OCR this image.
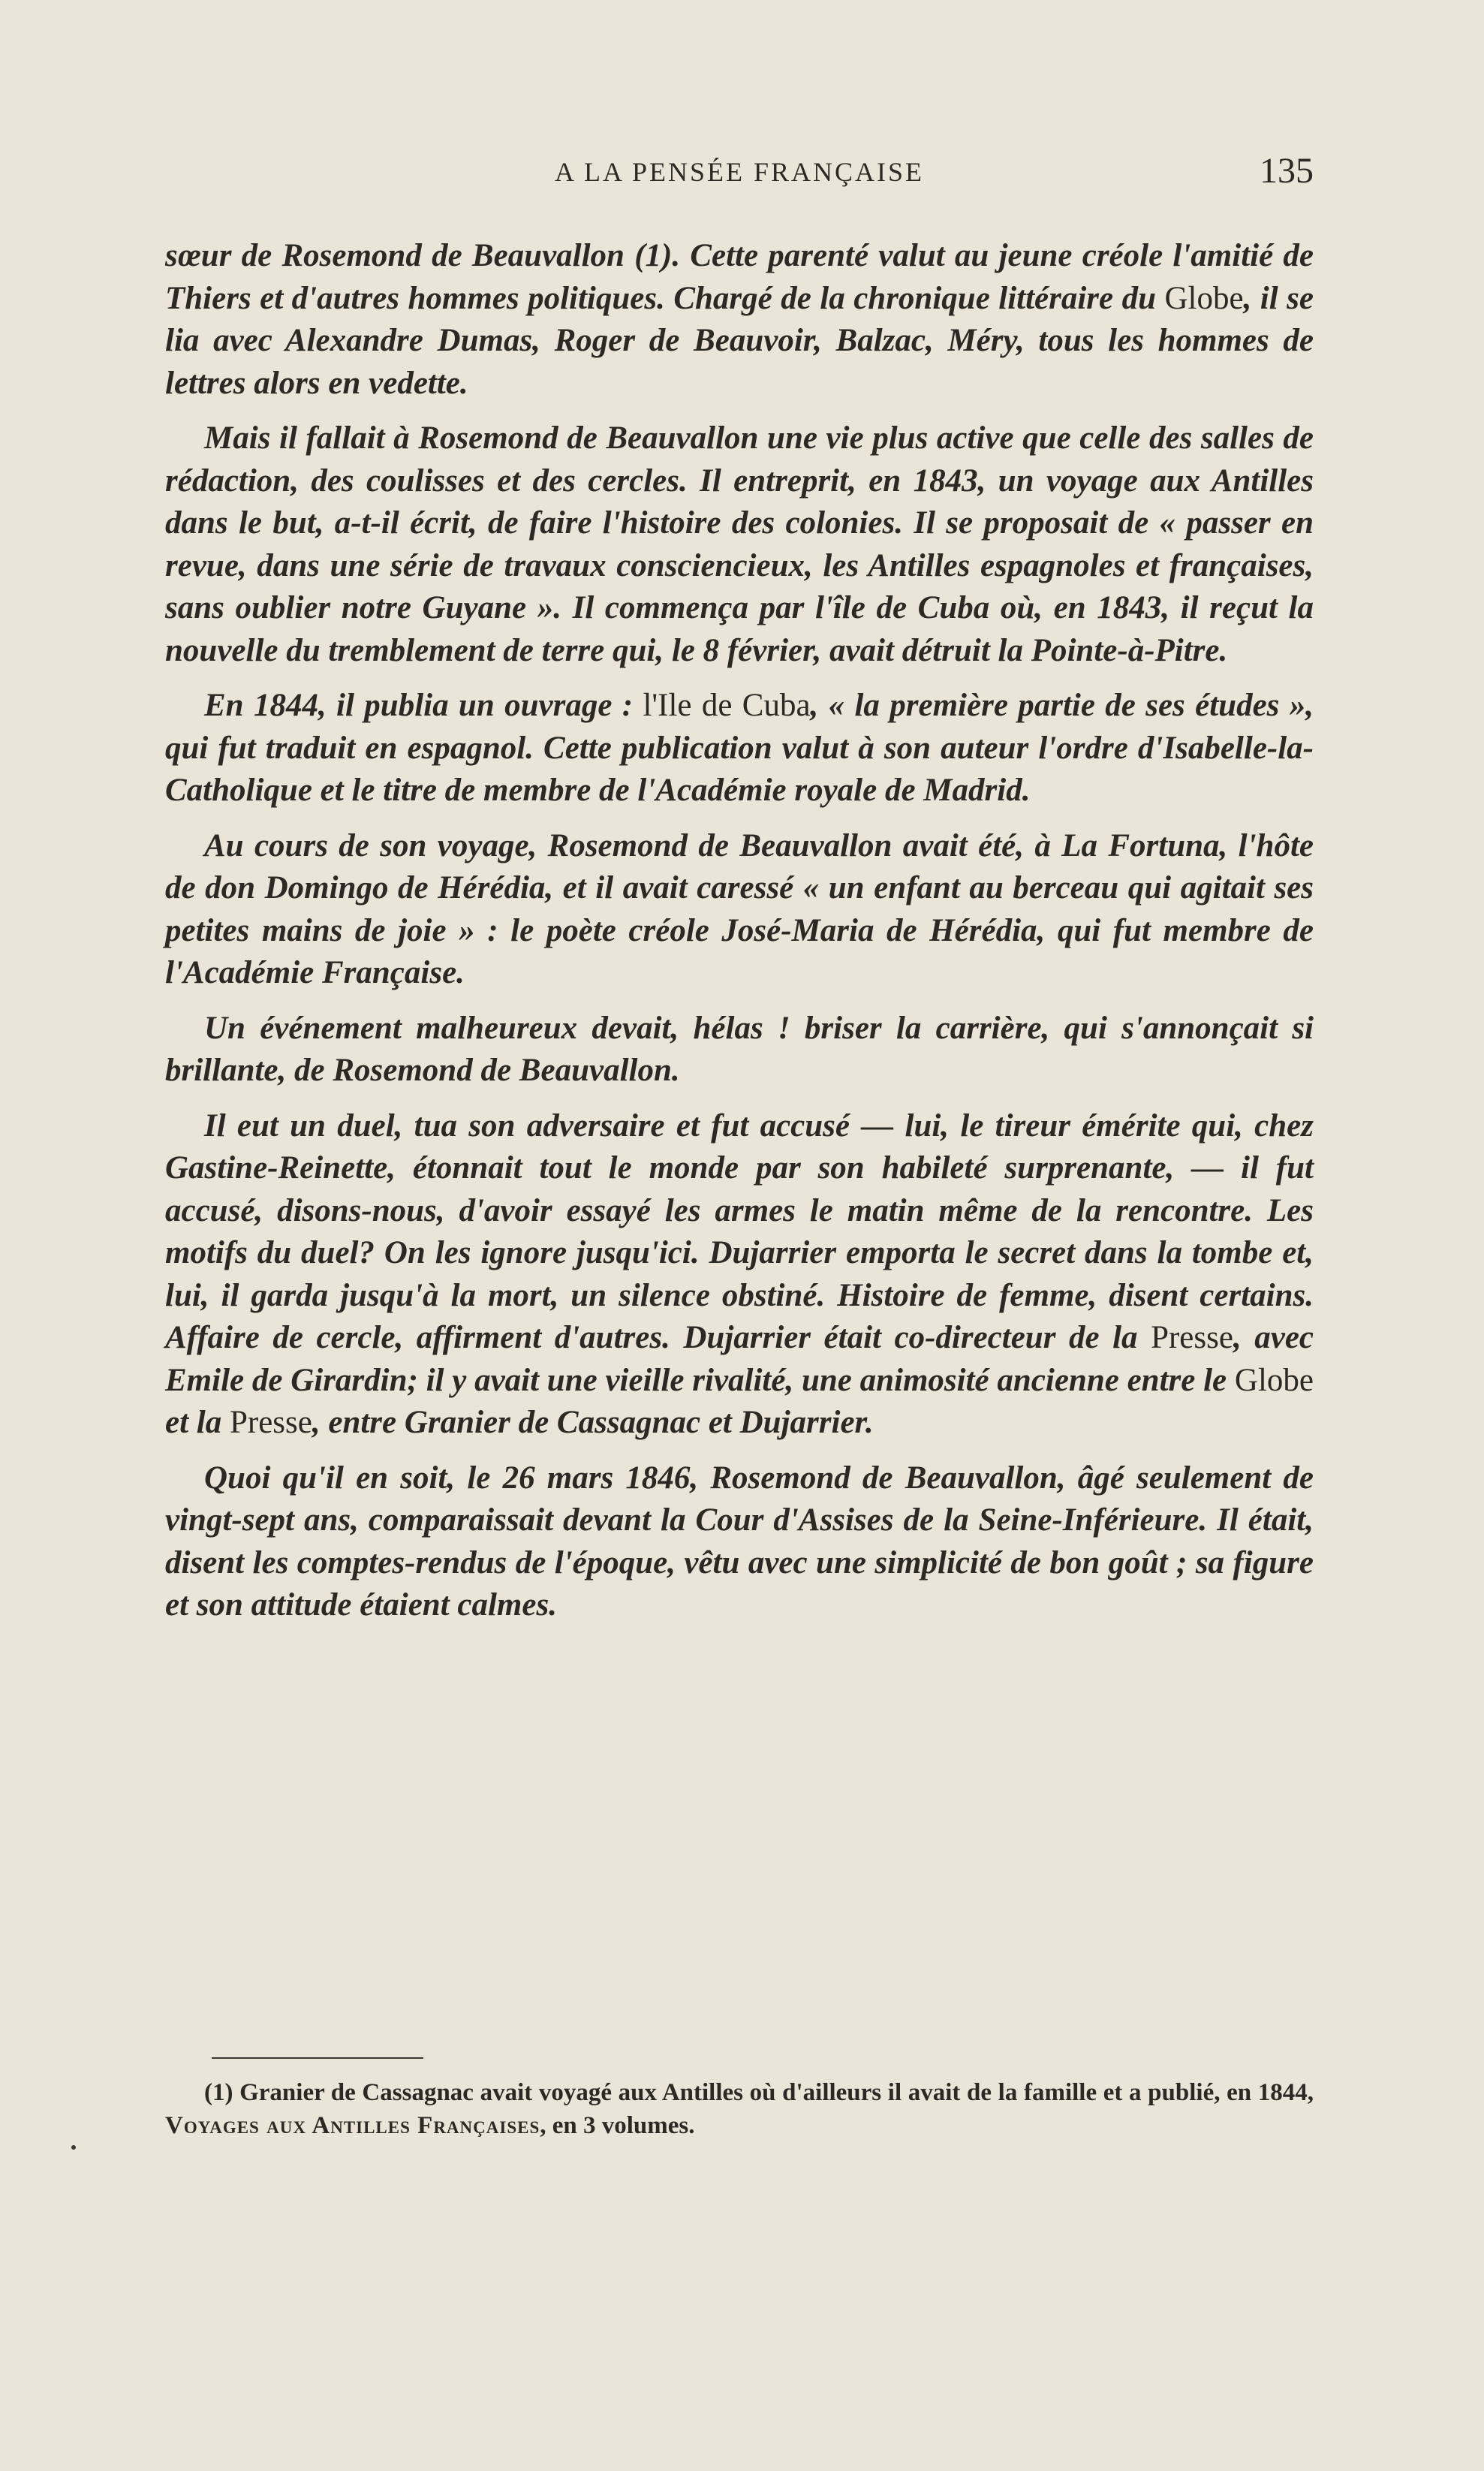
A LA PENSÉE FRANÇAISE	135

sœur de Rosemond de Beauvallon (1). Cette parenté valut au jeune créole l'amitié de Thiers et d'autres hommes politiques. Chargé de la chronique littéraire du Globe, il se lia avec Alexandre Dumas, Roger de Beauvoir, Balzac, Méry, tous les hommes de lettres alors en vedette.

Mais il fallait à Rosemond de Beauvallon une vie plus active que celle des salles de rédaction, des coulisses et des cercles. Il entreprit, en 1843, un voyage aux Antilles dans le but, a-t-il écrit, de faire l'histoire des colonies. Il se proposait de « passer en revue, dans une série de travaux consciencieux, les Antilles espagnoles et françaises, sans oublier notre Guyane ». Il commença par l'île de Cuba où, en 1843, il reçut la nouvelle du tremblement de terre qui, le 8 février, avait détruit la Pointe-à-Pitre.

En 1844, il publia un ouvrage : l'Ile de Cuba, « la première partie de ses études », qui fut traduit en espagnol. Cette publication valut à son auteur l'ordre d'Isabelle-la-Catholique et le titre de membre de l'Académie royale de Madrid.

Au cours de son voyage, Rosemond de Beauvallon avait été, à La Fortuna, l'hôte de don Domingo de Hérédia, et il avait caressé « un enfant au berceau qui agitait ses petites mains de joie » : le poète créole José-Maria de Hérédia, qui fut membre de l'Académie Française.

Un événement malheureux devait, hélas ! briser la carrière, qui s'annonçait si brillante, de Rosemond de Beauvallon.

Il eut un duel, tua son adversaire et fut accusé — lui, le tireur émérite qui, chez Gastine-Reinette, étonnait tout le monde par son habileté surprenante, — il fut accusé, disons-nous, d'avoir essayé les armes le matin même de la rencontre. Les motifs du duel? On les ignore jusqu'ici. Dujarrier emporta le secret dans la tombe et, lui, il garda jusqu'à la mort, un silence obstiné. Histoire de femme, disent certains. Affaire de cercle, affirment d'autres. Dujarrier était co-directeur de la Presse, avec Emile de Girardin; il y avait une vieille rivalité, une animosité ancienne entre le Globe et la Presse, entre Granier de Cassagnac et Dujarrier.

Quoi qu'il en soit, le 26 mars 1846, Rosemond de Beauvallon, âgé seulement de vingt-sept ans, comparaissait devant la Cour d'Assises de la Seine-Inférieure. Il était, disent les comptes-rendus de l'époque, vêtu avec une simplicité de bon goût ; sa figure et son attitude étaient calmes.

(1) Granier de Cassagnac avait voyagé aux Antilles où d'ailleurs il avait de la famille et a publié, en 1844, Voyages aux Antilles Françaises, en 3 volumes.
